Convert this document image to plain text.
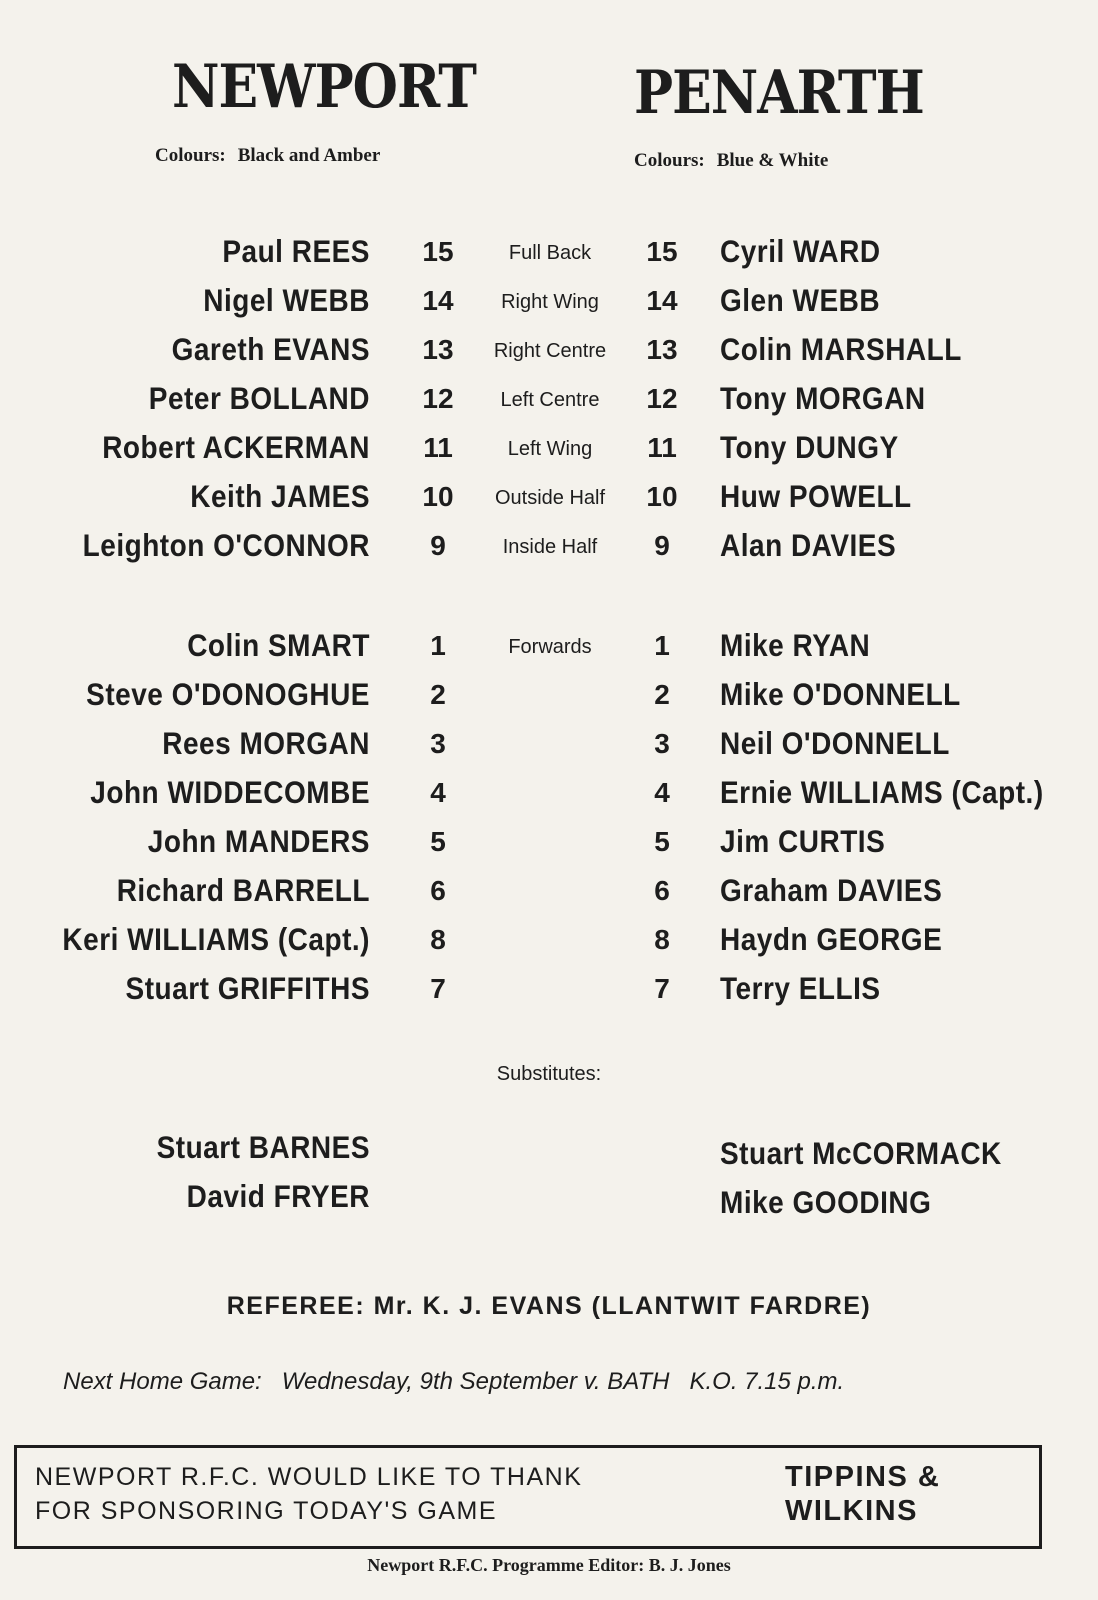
NEWPORT	PENARTH
Colours: Black and Amber	Colours: Blue & White
Paul REES	15	Full Back	15	Cyril WARD
Nigel WEBB	14	Right Wing	14	Glen WEBB
Gareth EVANS	13	Right Centre	13	Colin MARSHALL
Peter BOLLAND	12	Left Centre	12	Tony MORGAN
Robert ACKERMAN	11	Left Wing	11	Tony DUNGY
Keith JAMES	10	Outside Half	10	Huw POWELL
Leighton O'CONNOR	9	Inside Half	9	Alan DAVIES
Colin SMART	1	Forwards	1	Mike RYAN
Steve O'DONOGHUE	2	2	Mike O'DONNELL
Rees MORGAN	3	3	Neil O'DONNELL
John WIDDECOMBE	4	4	Ernie WILLIAMS (Capt.)
John MANDERS	5	5	Jim CURTIS
Richard BARRELL	6	6	Graham DAVIES
Keri WILLIAMS (Capt.)	8	8	Haydn GEORGE
Stuart GRIFFITHS	7	7	Terry ELLIS
Substitutes:
Stuart BARNES	Stuart McCORMACK
David FRYER	Mike GOODING
REFEREE: Mr. K. J. EVANS (LLANTWIT FARDRE)
Next Home Game: Wednesday, 9th September v. BATH K.O. 7.15 p.m.
NEWPORT R.F.C. WOULD LIKE TO THANK
FOR SPONSORING TODAY'S GAME
TIPPINS &
WILKINS
Newport R.F.C. Programme Editor: B. J. Jones
